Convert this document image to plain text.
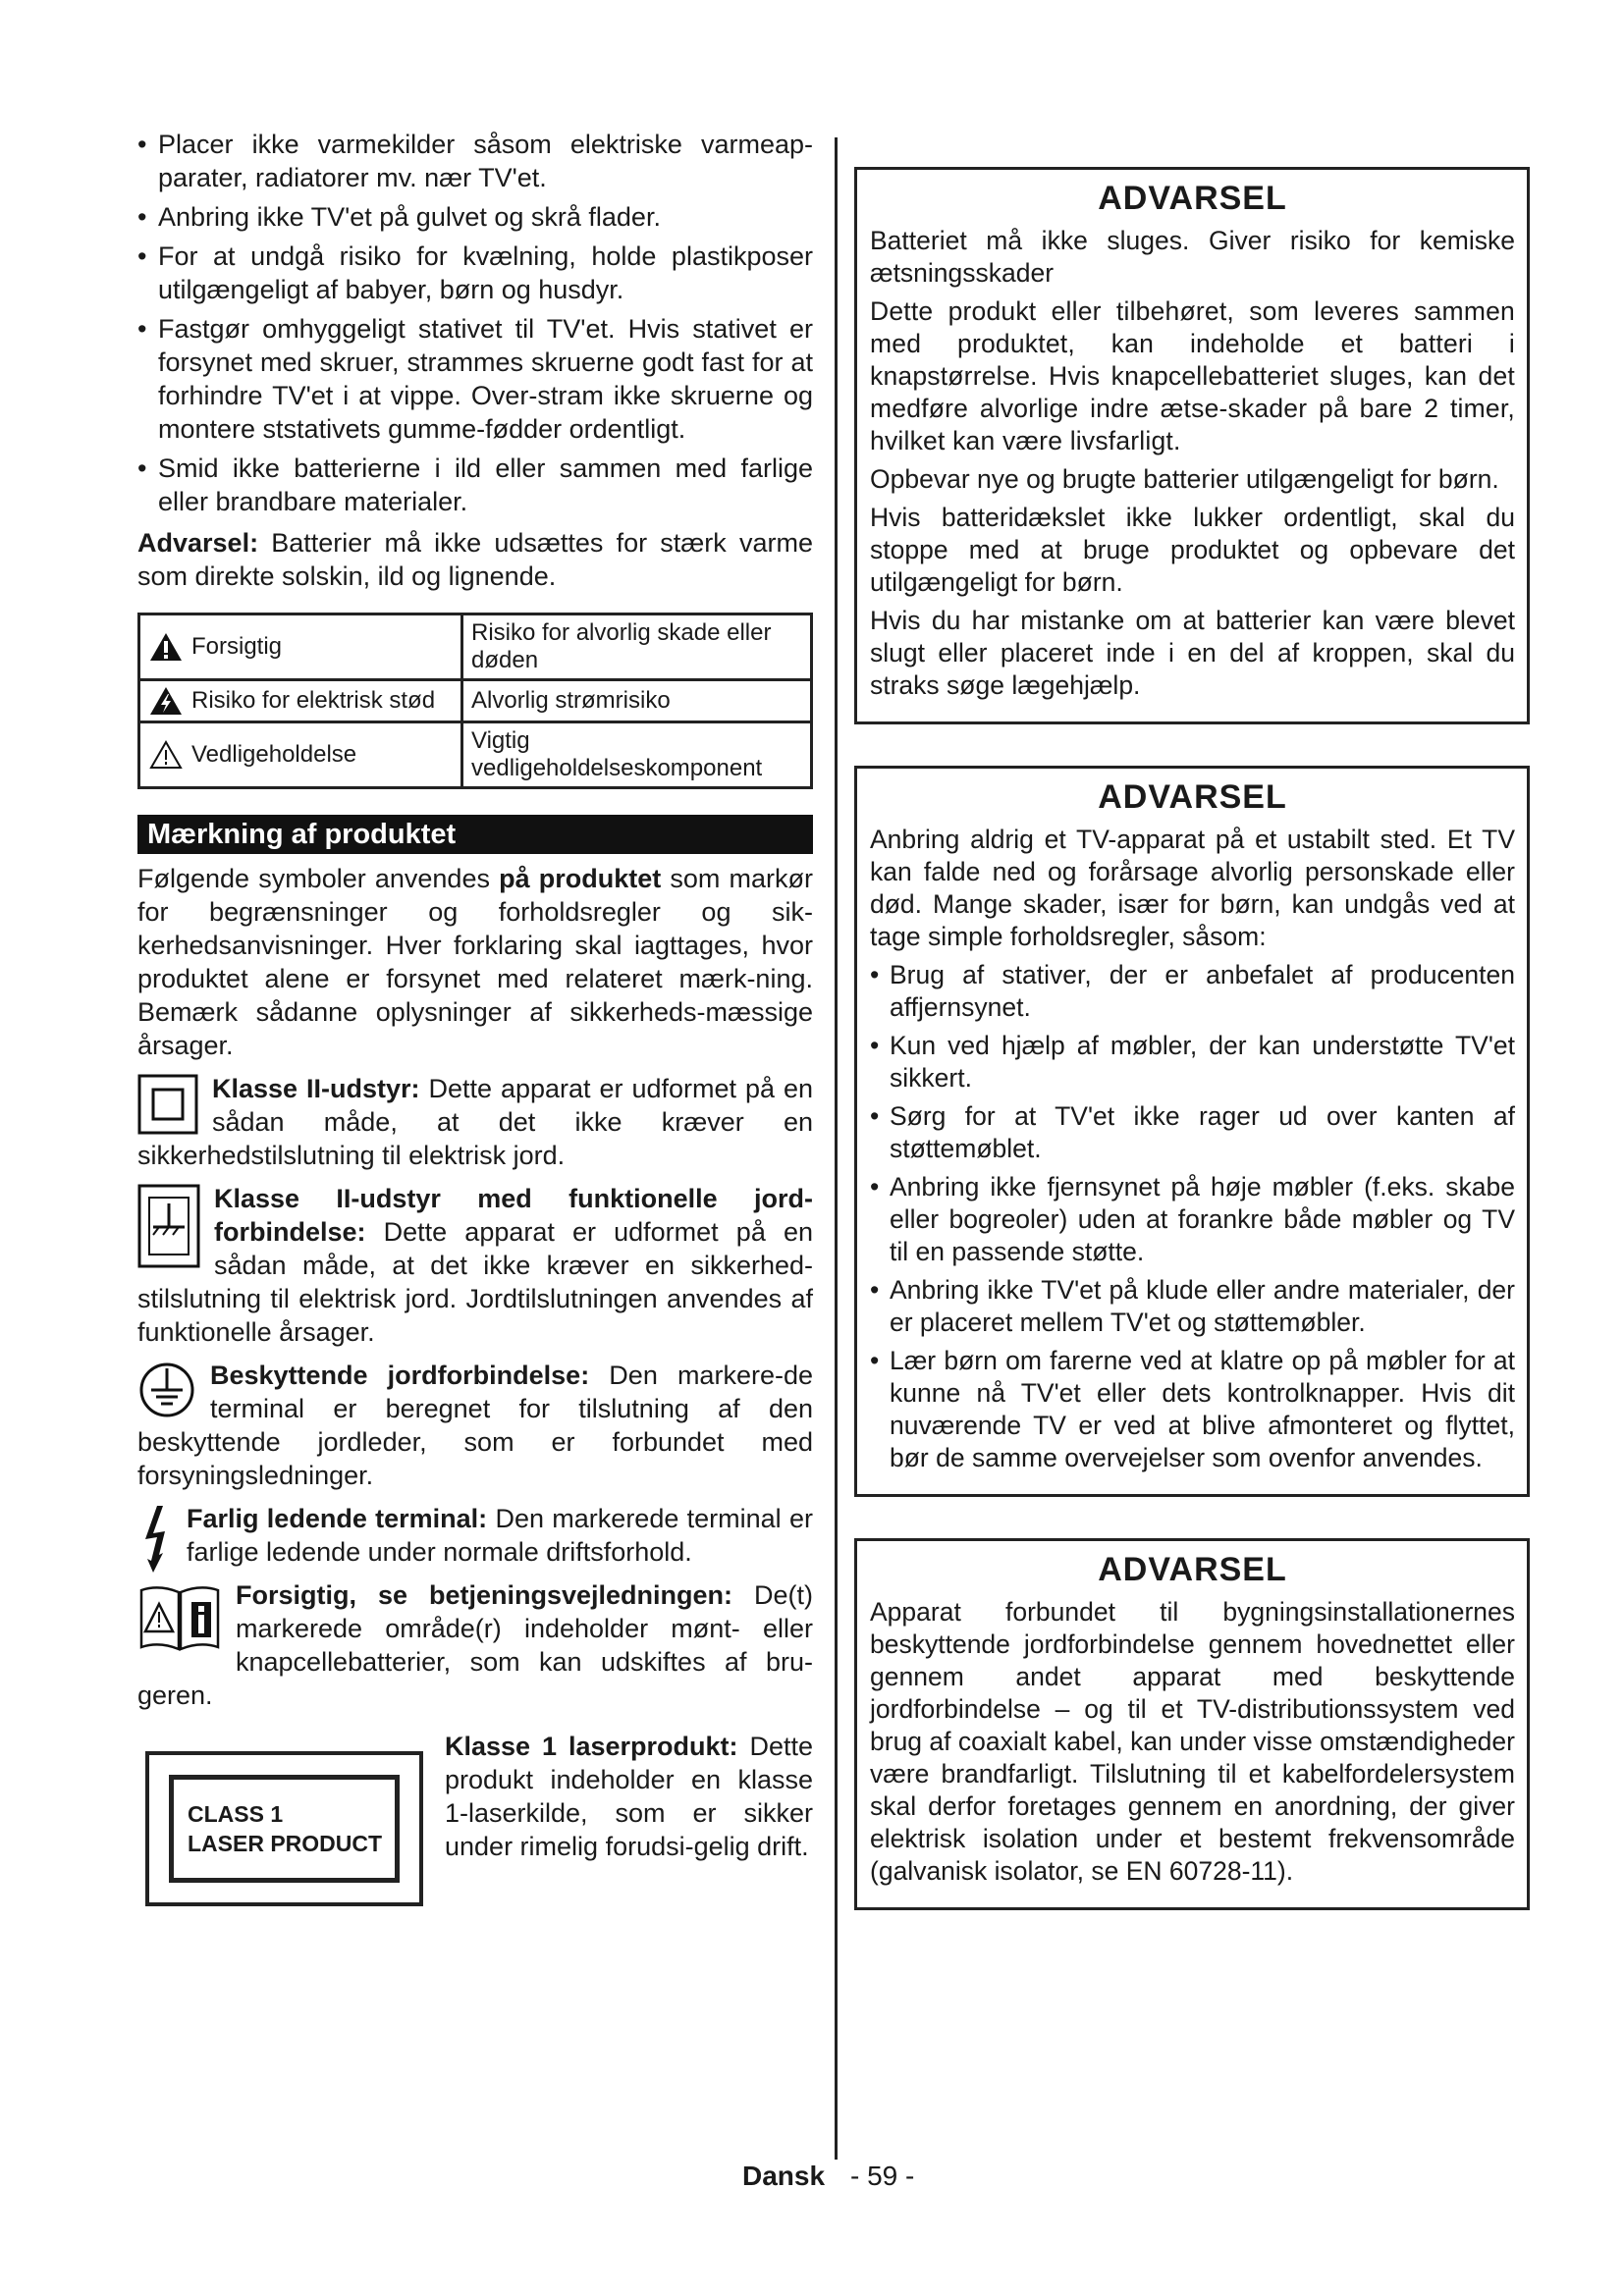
• Placer ikke varmekilder såsom elektriske varmeap-parater, radiatorer mv. nær TV'et.
• Anbring ikke TV'et på gulvet og skrå flader.
• For at undgå risiko for kvælning, holde plastikposer utilgængeligt af babyer, børn og husdyr.
• Fastgør omhyggeligt stativet til TV'et. Hvis stativet er forsynet med skruer, strammes skruerne godt fast for at forhindre TV'et i at vippe. Over-stram ikke skruerne og montere ststativets gumme-fødder ordentligt.
• Smid ikke batterierne i ild eller sammen med farlige eller brandbare materialer.

Advarsel: Batterier må ikke udsættes for stærk varme som direkte solskin, ild og lignende.

Forsigtig	Risiko for alvorlig skade eller døden

Risiko for elektrisk stød	Alvorlig strømrisiko

Vedligeholdelse	Vigtig vedligeholdelseskomponent
Mærkning af produktet

Følgende symboler anvendes på produktet som markør for begrænsninger og forholdsregler og sik-kerhedsanvisninger. Hver forklaring skal iagttages, hvor produktet alene er forsynet med relateret mærk-ning. Bemærk sådanne oplysninger af sikkerheds-mæssige årsager.

Klasse II-udstyr: Dette apparat er udformet på en sådan måde, at det ikke kræver en sikkerhedstilslutning til elektrisk jord.
Klasse II-udstyr med funktionelle jord-forbindelse: Dette apparat er udformet på en sådan måde, at det ikke kræver en sikkerhed-stilslutning til elektrisk jord. Jordtilslutningen anvendes af funktionelle årsager.
Beskyttende jordforbindelse: Den markere-de terminal er beregnet for tilslutning af den beskyttende jordleder, som er forbundet med forsyningsledninger.
Farlig ledende terminal: Den markerede terminal er farlige ledende under normale driftsforhold.
Forsigtig, se betjeningsvejledningen: De(t) markerede område(r) indeholder mønt- eller knapcellebatterier, som kan udskiftes af bru-geren.
CLASS 1
LASER PRODUCT
Klasse 1 laserprodukt: Dette produkt indeholder en klasse 1-laserkilde, som er sikker under rimelig forudsi-gelig drift.
ADVARSEL

Batteriet må ikke sluges. Giver risiko for kemiske ætsningsskader

Dette produkt eller tilbehøret, som leveres sammen med produktet, kan indeholde et batteri i knapstørrelse. Hvis knapcellebatteriet sluges, kan det medføre alvorlige indre ætse-skader på bare 2 timer, hvilket kan være livsfarligt.

Opbevar nye og brugte batterier utilgængeligt for børn.

Hvis batteridækslet ikke lukker ordentligt, skal du stoppe med at bruge produktet og opbevare det utilgængeligt for børn.

Hvis du har mistanke om at batterier kan være blevet slugt eller placeret inde i en del af kroppen, skal du straks søge lægehjælp.

ADVARSEL

Anbring aldrig et TV-apparat på et ustabilt sted. Et TV kan falde ned og forårsage alvorlig personskade eller død. Mange skader, især for børn, kan undgås ved at tage simple forholdsregler, såsom:

• Brug af stativer, der er anbefalet af producenten affjernsynet.
• Kun ved hjælp af møbler, der kan understøtte TV'et sikkert.
• Sørg for at TV'et ikke rager ud over kanten af støttemøblet.
• Anbring ikke fjernsynet på høje møbler (f.eks. skabe eller bogreoler) uden at forankre både møbler og TV til en passende støtte.
• Anbring ikke TV'et på klude eller andre materialer, der er placeret mellem TV'et og støttemøbler.
• Lær børn om farerne ved at klatre op på møbler for at kunne nå TV'et eller dets kontrolknapper. Hvis dit nuværende TV er ved at blive afmonteret og flyttet, bør de samme overvejelser som ovenfor anvendes.
ADVARSEL

Apparat forbundet til bygningsinstallationernes beskyttende jordforbindelse gennem hovednettet eller gennem andet apparat med beskyttende jordforbindelse – og til et TV-distributionssystem ved brug af coaxialt kabel, kan under visse omstændigheder være brandfarligt. Tilslutning til et kabelfordelersystem skal derfor foretages gennem en anordning, der giver elektrisk isolation under et bestemt frekvensområde (galvanisk isolator, se EN 60728-11).

Dansk - 59 -
